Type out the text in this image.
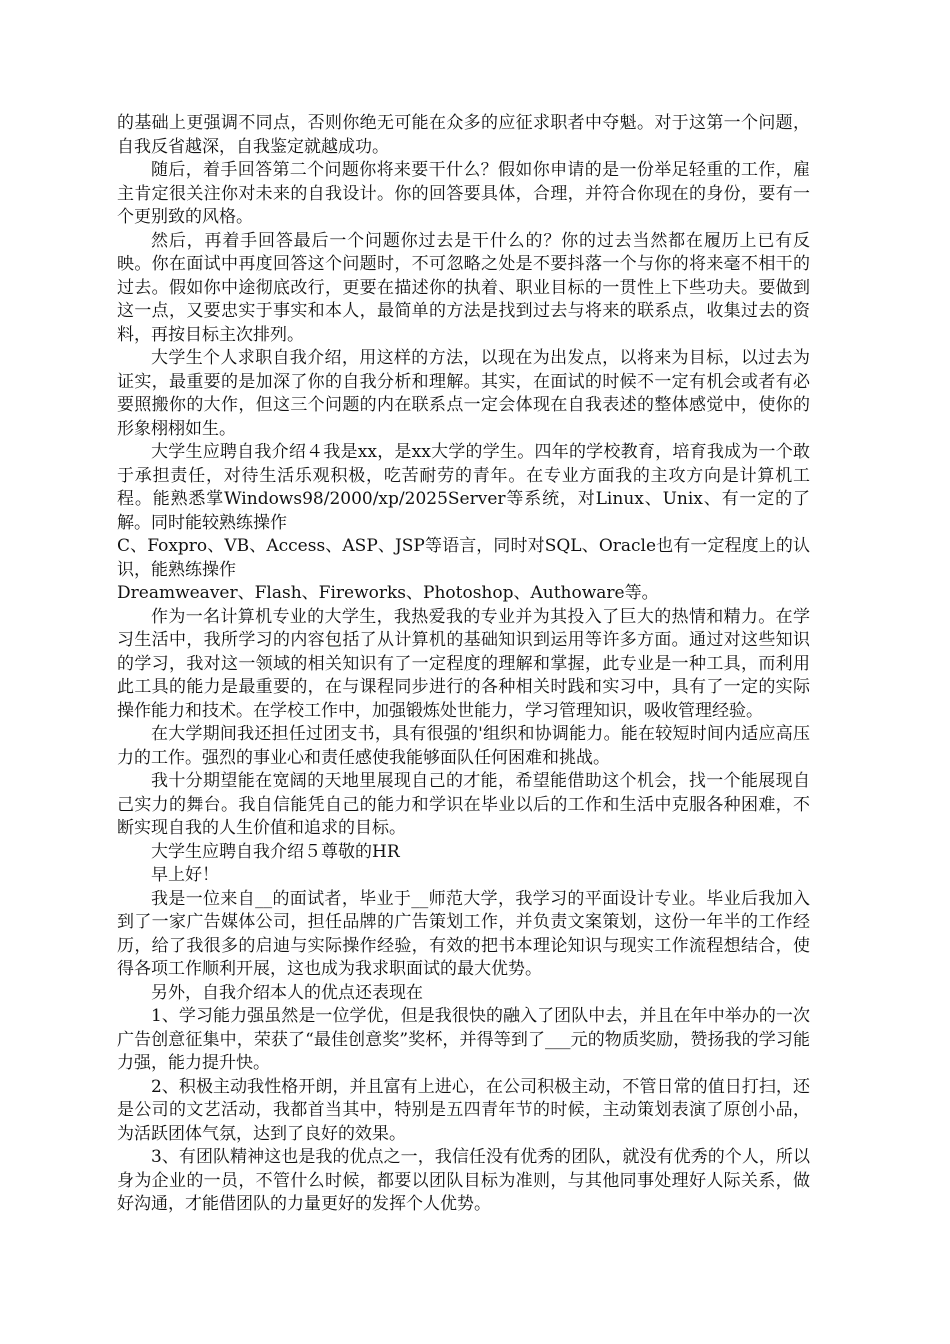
的基础上更强调不同点，否则你绝无可能在众多的应征求职者中夺魁。对于这第一个问题，自我反省越深，自我鉴定就越成功。

随后，着手回答第二个问题你将来要干什么？假如你申请的是一份举足轻重的工作，雇主肯定很关注你对未来的自我设计。你的回答要具体，合理，并符合你现在的身份，要有一个更别致的风格。

然后，再着手回答最后一个问题你过去是干什么的？你的过去当然都在履历上已有反映。你在面试中再度回答这个问题时，不可忽略之处是不要抖落一个与你的将来毫不相干的过去。假如你中途彻底改行，更要在描述你的执着、职业目标的一贯性上下些功夫。要做到这一点，又要忠实于事实和本人，最简单的方法是找到过去与将来的联系点，收集过去的资料，再按目标主次排列。

大学生个人求职自我介绍，用这样的方法，以现在为出发点，以将来为目标，以过去为证实，最重要的是加深了你的自我分析和理解。其实，在面试的时候不一定有机会或者有必要照搬你的大作，但这三个问题的内在联系点一定会体现在自我表述的整体感觉中，使你的形象栩栩如生。

大学生应聘自我介绍４我是xx，是xx大学的学生。四年的学校教育，培育我成为一个敢于承担责任，对待生活乐观积极，吃苦耐劳的青年。在专业方面我的主攻方向是计算机工程。能熟悉掌Windows98/2000/xp/2025Server等系统，对Linux、Unix、有一定的了解。同时能较熟练操作

C、Foxpro、VB、Access、ASP、JSP等语言，同时对SQL、Oracle也有一定程度上的认识，能熟练操作

Dreamweaver、Flash、Fireworks、Photoshop、Authoware等。

作为一名计算机专业的大学生，我热爱我的专业并为其投入了巨大的热情和精力。在学习生活中，我所学习的内容包括了从计算机的基础知识到运用等许多方面。通过对这些知识的学习，我对这一领域的相关知识有了一定程度的理解和掌握，此专业是一种工具，而利用此工具的能力是最重要的，在与课程同步进行的各种相关时践和实习中，具有了一定的实际操作能力和技术。在学校工作中，加强锻炼处世能力，学习管理知识，吸收管理经验。

在大学期间我还担任过团支书，具有很强的'组织和协调能力。能在较短时间内适应高压力的工作。强烈的事业心和责任感使我能够面队任何困难和挑战。

我十分期望能在宽阔的天地里展现自己的才能，希望能借助这个机会，找一个能展现自己实力的舞台。我自信能凭自己的能力和学识在毕业以后的工作和生活中克服各种困难，不断实现自我的人生价值和追求的目标。

大学生应聘自我介绍５尊敬的HR

早上好！

我是一位来自__的面试者，毕业于__师范大学，我学习的平面设计专业。毕业后我加入到了一家广告媒体公司，担任品牌的广告策划工作，并负责文案策划，这份一年半的工作经历，给了我很多的启迪与实际操作经验，有效的把书本理论知识与现实工作流程想结合，使得各项工作顺利开展，这也成为我求职面试的最大优势。

另外，自我介绍本人的优点还表现在

1、学习能力强虽然是一位学优，但是我很快的融入了团队中去，并且在年中举办的一次广告创意征集中，荣获了“最佳创意奖”奖杯，并得等到了___元的物质奖励，赞扬我的学习能力强，能力提升快。

2、积极主动我性格开朗，并且富有上进心，在公司积极主动，不管日常的值日打扫，还是公司的文艺活动，我都首当其中，特别是五四青年节的时候，主动策划表演了原创小品，为活跃团体气氛，达到了良好的效果。

3、有团队精神这也是我的优点之一，我信任没有优秀的团队，就没有优秀的个人，所以身为企业的一员，不管什么时候，都要以团队目标为准则，与其他同事处理好人际关系，做好沟通，才能借团队的力量更好的发挥个人优势。
